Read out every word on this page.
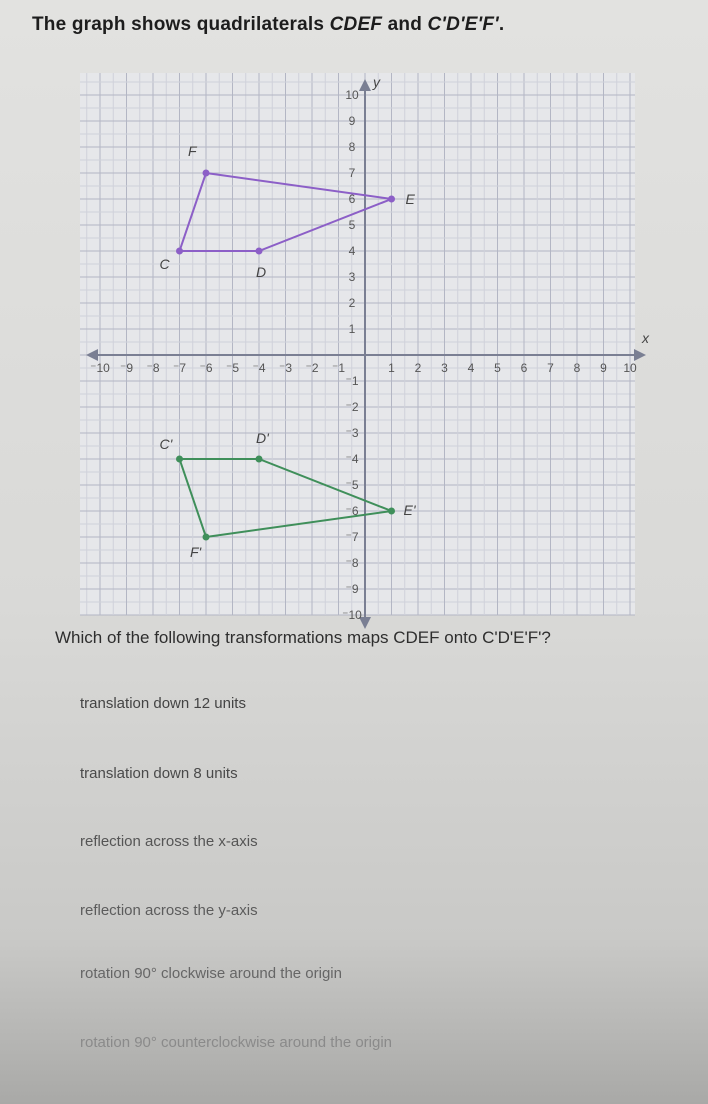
The graph shows quadrilaterals CDEF and C'D'E'F'.
x
y
⁻10 ⁻9 ⁻8 ⁻7 ⁻6 ⁻5 ⁻4 ⁻3 ⁻2 ⁻1	1 2 3 4 5 6 7 8 9 10
10
9
8
7
6
5
4
3
2
1
⁻1
⁻2
⁻3
⁻4
⁻5
⁻6
⁻7
⁻8
⁻9
⁻10
C	D
E
F
C'	D'
E'
F'
Which of the following transformations maps CDEF onto C'D'E'F'?
translation down 12 units
translation down 8 units
reflection across the x-axis
reflection across the y-axis
rotation 90° clockwise around the origin
rotation 90° counterclockwise around the origin
